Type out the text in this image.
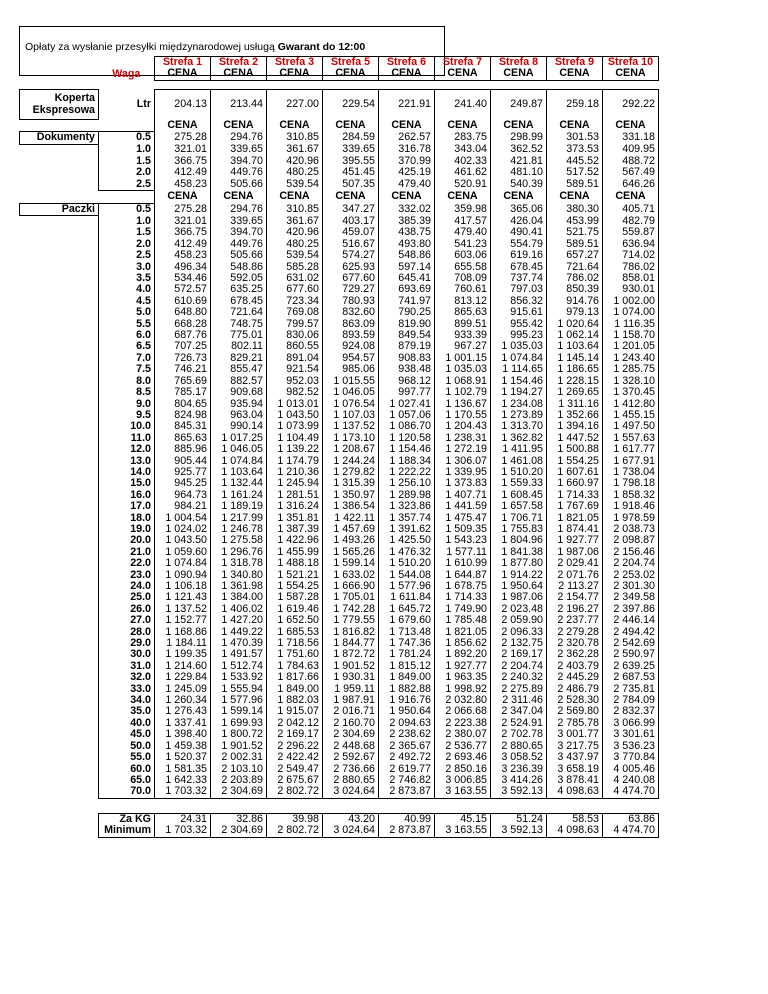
Opłaty za wysłanie przesyłki międzynarodowej usługą Gwarant do 12:00
		Strefa 1	Strefa 2	Strefa 3	Strefa 5	Strefa 6	Strefa 7	Strefa 8	Strefa 9	Strefa 10
	Waga	CENA	CENA	CENA	CENA	CENA	CENA	CENA	CENA	CENA

Koperta Ekspresowa	Ltr	204.13	213.44	227.00	229.54	221.91	241.40	249.87	259.18	292.22
		CENA	CENA	CENA	CENA	CENA	CENA	CENA	CENA	CENA
Dokumenty	0.5	275.28	294.76	310.85	284.59	262.57	283.75	298.99	301.53	331.18
	1.0	321.01	339.65	361.67	339.65	316.78	343.04	362.52	373.53	409.95
	1.5	366.75	394.70	420.96	395.55	370.99	402.33	421.81	445.52	488.72
	2.0	412.49	449.76	480.25	451.45	425.19	461.62	481.10	517.52	567.49
	2.5	458.23	505.66	539.54	507.35	479.40	520.91	540.39	589.51	646.26
		CENA	CENA	CENA	CENA	CENA	CENA	CENA	CENA	CENA
Paczki	0.5	275.28	294.76	310.85	347.27	332.02	359.98	365.06	380.30	405.71
	1.0	321.01	339.65	361.67	403.17	385.39	417.57	426.04	453.99	482.79
	1.5	366.75	394.70	420.96	459.07	438.75	479.40	490.41	521.75	559.87
	2.0	412.49	449.76	480.25	516.67	493.80	541.23	554.79	589.51	636.94
	2.5	458.23	505.66	539.54	574.27	548.86	603.06	619.16	657.27	714.02
	3.0	496.34	548.86	585.28	625.93	597.14	655.58	678.45	721.64	786.02
	3.5	534.46	592.05	631.02	677.60	645.41	708.09	737.74	786.02	858.01
	4.0	572.57	635.25	677.60	729.27	693.69	760.61	797.03	850.39	930.01
	4.5	610.69	678.45	723.34	780.93	741.97	813.12	856.32	914.76	1 002.00
	5.0	648.80	721.64	769.08	832.60	790.25	865.63	915.61	979.13	1 074.00
	5.5	668.28	748.75	799.57	863.09	819.90	899.51	955.42	1 020.64	1 116.35
	6.0	687.76	775.01	830.06	893.59	849.54	933.39	995.23	1 062.14	1 158.70
	6.5	707.25	802.11	860.55	924.08	879.19	967.27	1 035.03	1 103.64	1 201.05
	7.0	726.73	829.21	891.04	954.57	908.83	1 001.15	1 074.84	1 145.14	1 243.40
	7.5	746.21	855.47	921.54	985.06	938.48	1 035.03	1 114.65	1 186.65	1 285.75
	8.0	765.69	882.57	952.03	1 015.55	968.12	1 068.91	1 154.46	1 228.15	1 328.10
	8.5	785.17	909.68	982.52	1 046.05	997.77	1 102.79	1 194.27	1 269.65	1 370.45
	9.0	804.65	935.94	1 013.01	1 076.54	1 027.41	1 136.67	1 234.08	1 311.16	1 412.80
	9.5	824.98	963.04	1 043.50	1 107.03	1 057.06	1 170.55	1 273.89	1 352.66	1 455.15
	10.0	845.31	990.14	1 073.99	1 137.52	1 086.70	1 204.43	1 313.70	1 394.16	1 497.50
	11.0	865.63	1 017.25	1 104.49	1 173.10	1 120.58	1 238.31	1 362.82	1 447.52	1 557.63
	12.0	885.96	1 046.05	1 139.22	1 208.67	1 154.46	1 272.19	1 411.95	1 500.88	1 617.77
	13.0	905.44	1 074.84	1 174.79	1 244.24	1 188.34	1 306.07	1 461.08	1 554.25	1 677.91
	14.0	925.77	1 103.64	1 210.36	1 279.82	1 222.22	1 339.95	1 510.20	1 607.61	1 738.04
	15.0	945.25	1 132.44	1 245.94	1 315.39	1 256.10	1 373.83	1 559.33	1 660.97	1 798.18
	16.0	964.73	1 161.24	1 281.51	1 350.97	1 289.98	1 407.71	1 608.45	1 714.33	1 858.32
	17.0	984.21	1 189.19	1 316.24	1 386.54	1 323.86	1 441.59	1 657.58	1 767.69	1 918.46
	18.0	1 004.54	1 217.99	1 351.81	1 422.11	1 357.74	1 475.47	1 706.71	1 821.05	1 978.59
	19.0	1 024.02	1 246.78	1 387.39	1 457.69	1 391.62	1 509.35	1 755.83	1 874.41	2 038.73
	20.0	1 043.50	1 275.58	1 422.96	1 493.26	1 425.50	1 543.23	1 804.96	1 927.77	2 098.87
	21.0	1 059.60	1 296.76	1 455.99	1 565.26	1 476.32	1 577.11	1 841.38	1 987.06	2 156.46
	22.0	1 074.84	1 318.78	1 488.18	1 599.14	1 510.20	1 610.99	1 877.80	2 029.41	2 204.74
	23.0	1 090.94	1 340.80	1 521.21	1 633.02	1 544.08	1 644.87	1 914.22	2 071.76	2 253.02
	24.0	1 106.18	1 361.98	1 554.25	1 666.90	1 577.96	1 678.75	1 950.64	2 113.27	2 301.30
	25.0	1 121.43	1 384.00	1 587.28	1 705.01	1 611.84	1 714.33	1 987.06	2 154.77	2 349.58
	26.0	1 137.52	1 406.02	1 619.46	1 742.28	1 645.72	1 749.90	2 023.48	2 196.27	2 397.86
	27.0	1 152.77	1 427.20	1 652.50	1 779.55	1 679.60	1 785.48	2 059.90	2 237.77	2 446.14
	28.0	1 168.86	1 449.22	1 685.53	1 816.82	1 713.48	1 821.05	2 096.33	2 279.28	2 494.42
	29.0	1 184.11	1 470.39	1 718.56	1 844.77	1 747.36	1 856.62	2 132.75	2 320.78	2 542.69
	30.0	1 199.35	1 491.57	1 751.60	1 872.72	1 781.24	1 892.20	2 169.17	2 362.28	2 590.97
	31.0	1 214.60	1 512.74	1 784.63	1 901.52	1 815.12	1 927.77	2 204.74	2 403.79	2 639.25
	32.0	1 229.84	1 533.92	1 817.66	1 930.31	1 849.00	1 963.35	2 240.32	2 445.29	2 687.53
	33.0	1 245.09	1 555.94	1 849.00	1 959.11	1 882.88	1 998.92	2 275.89	2 486.79	2 735.81
	34.0	1 260.34	1 577.96	1 882.03	1 987.91	1 916.76	2 032.80	2 311.46	2 528.30	2 784.09
	35.0	1 276.43	1 599.14	1 915.07	2 016.71	1 950.64	2 066.68	2 347.04	2 569.80	2 832.37
	40.0	1 337.41	1 699.93	2 042.12	2 160.70	2 094.63	2 223.38	2 524.91	2 785.78	3 066.99
	45.0	1 398.40	1 800.72	2 169.17	2 304.69	2 238.62	2 380.07	2 702.78	3 001.77	3 301.61
	50.0	1 459.38	1 901.52	2 296.22	2 448.68	2 365.67	2 536.77	2 880.65	3 217.75	3 536.23
	55.0	1 520.37	2 002.31	2 422.42	2 592.67	2 492.72	2 693.46	3 058.52	3 437.97	3 770.84
	60.0	1 581.35	2 103.10	2 549.47	2 736.66	2 619.77	2 850.16	3 236.39	3 658.19	4 005.46
	65.0	1 642.33	2 203.89	2 675.67	2 880.65	2 746.82	3 006.85	3 414.26	3 878.41	4 240.08
	70.0	1 703.32	2 304.69	2 802.72	3 024.64	2 873.87	3 163.55	3 592.13	4 098.63	4 474.70

	Za KG	24.31	32.86	39.98	43.20	40.99	45.15	51.24	58.53	63.86
	Minimum	1 703.32	2 304.69	2 802.72	3 024.64	2 873.87	3 163.55	3 592.13	4 098.63	4 474.70
